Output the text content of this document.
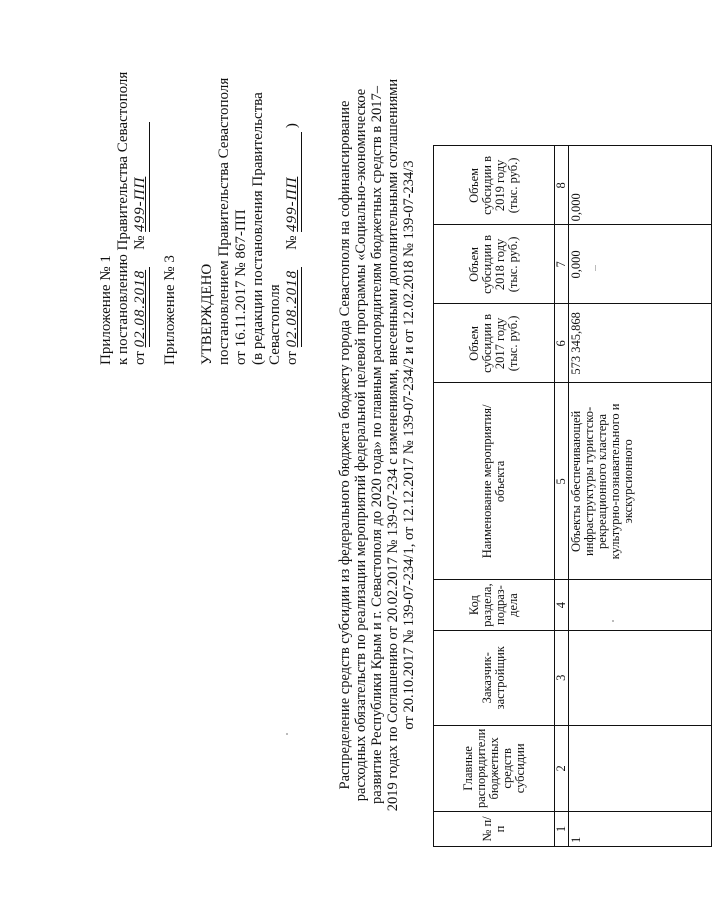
Приложение № 1 к постановлению Правительства Севастополя от 02.08.2018  № 499-ПП
Приложение № 3 УТВЕРЖДЕНО постановлением Правительства Севастополя от 16.11.2017 № 867-ПП (в редакции постановления Правительства Севастополя от 02.08.2018  № 499-ПП )	Распределение средств субсидии из федерального бюджета бюджету города Севастополя на софинансирование расходных обязательств по реализации мероприятий федеральной целевой программы «Социально-экономическое развитие Республики Крым и г. Севастополя до 2020 года» по главным распорядителям бюджетных средств в 2017– 2019 годах по Соглашению от 20.02.2017 № 139-07-234 с изменениями, внесенными дополнительными соглашениями от 20.10.2017 № 139-07-234/1, от 12.12.2017 № 139-07-234/2 и от 12.02.2018 № 139-07-234/3
№ п/п	Главные распорядители бюджетных средств субсидии	Заказчик-застройщик	Код раздела, подраз-дела	Наименование мероприятия/объекта	Объем субсидии в 2017 году (тыс. руб.)	Объем субсидии в 2018 году (тыс. руб.)	Объем субсидии в 2019 году (тыс. руб.)
1	2	3	4	5	6	7	8
1				Объекты обеспечивающей инфраструктуры туристско-рекреационного кластера культурно-познавательного и экскурсионного	573 345,868	0,000	0,000
